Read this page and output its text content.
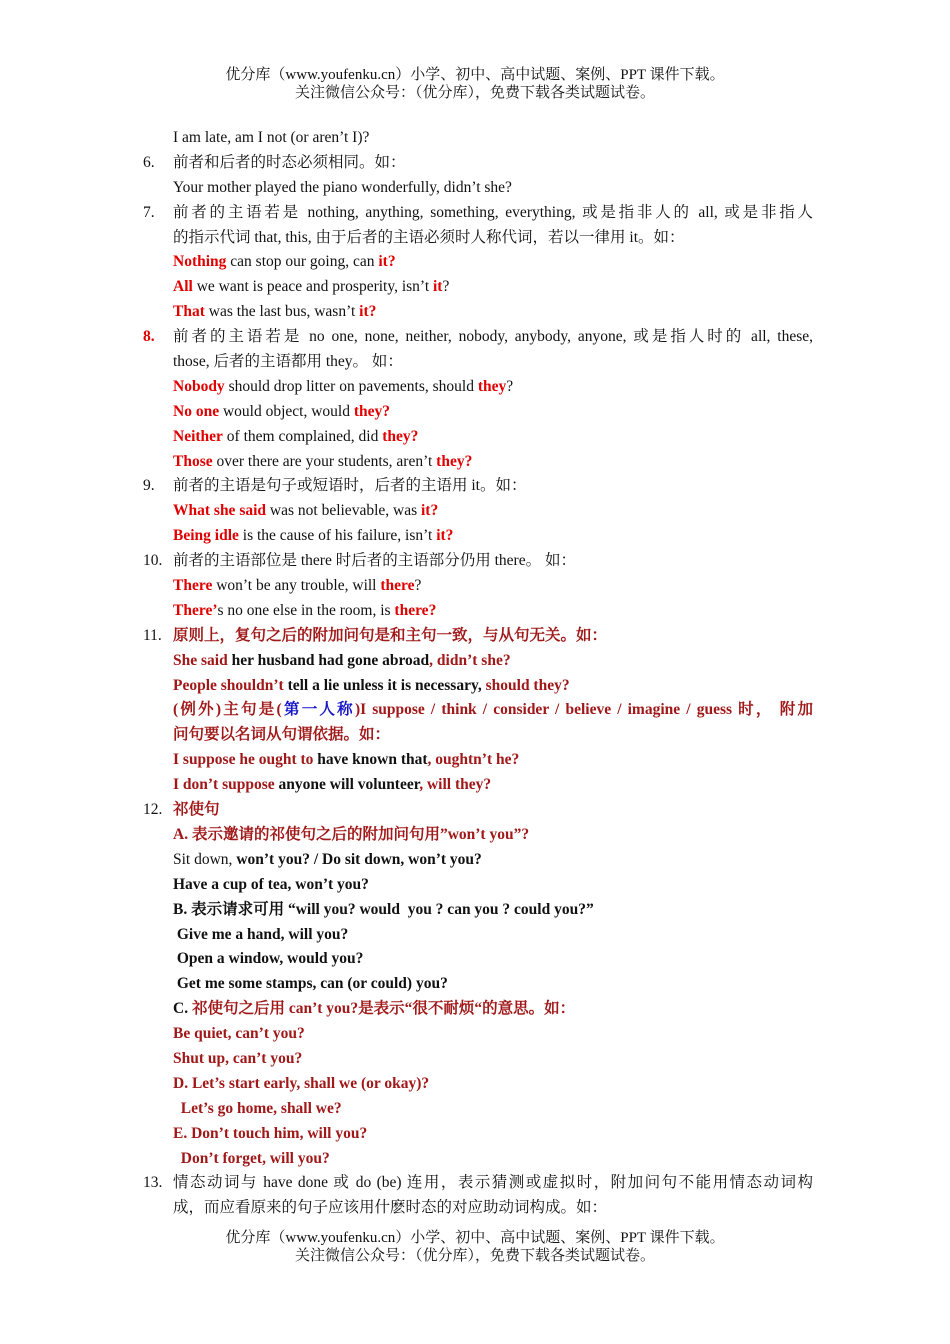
优分库（www.youfenku.cn）小学、初中、高中试题、案例、PPT 课件下载。
关注微信公众号：（优分库），免费下载各类试题试卷。
I am late, am I not (or aren’t I)?
6.	前者和后者的时态必须相同。如：
Your mother played the piano wonderfully, didn’t she?
7.	前者的主语若是 nothing, anything, something, everything, 或是指非人的 all, 或是非指人
的指示代词 that, this, 由于后者的主语必须时人称代词，若以一律用 it。如：
Nothing can stop our going, can it?
All we want is peace and prosperity, isn’t it?
That was the last bus, wasn’t it?
8.	前者的主语若是 no one, none, neither, nobody, anybody, anyone, 或是指人时的 all, these,
those, 后者的主语都用 they。 如：
Nobody should drop litter on pavements, should they?
No one would object, would they?
Neither of them complained, did they?
Those over there are your students, aren’t they?
9.	前者的主语是句子或短语时，后者的主语用 it。如：
What she said was not believable, was it?
Being idle is the cause of his failure, isn’t it?
10. 前者的主语部位是 there 时后者的主语部分仍用 there。 如：
There won’t be any trouble, will there?
There’s no one else in the room, is there?
11. 原则上，复句之后的附加问句是和主句一致，与从句无关。如：
She said her husband had gone abroad, didn’t she?
People shouldn’t tell a lie unless it is necessary, should they?
(例外)主句是(第一人称)I suppose / think / consider / believe / imagine / guess 时， 附加
问句要以名词从句谓依据。如：
I suppose he ought to have known that, oughtn’t he?
I don’t suppose anyone will volunteer, will they?
12. 祁使句
A. 表示邀请的祁使句之后的附加问句用”won’t you”?
Sit down, won’t you? / Do sit down, won’t you?
Have a cup of tea, won’t you?
B. 表示请求可用 “will you? would  you ? can you ? could you?”
Give me a hand, will you?
Open a window, would you?
Get me some stamps, can (or could) you?
C. 祁使句之后用 can’t you?是表示“很不耐烦“的意思。如：
Be quiet, can’t you?
Shut up, can’t you?
D. Let’s start early, shall we (or okay)?
Let’s go home, shall we?
E. Don’t touch him, will you?
Don’t forget, will you?
13. 情态动词与 have done 或 do (be) 连用，表示猜测或虚拟时，附加问句不能用情态动词构
成，而应看原来的句子应该用什麽时态的对应助动词构成。如：
优分库（www.youfenku.cn）小学、初中、高中试题、案例、PPT 课件下载。
关注微信公众号：（优分库），免费下载各类试题试卷。
